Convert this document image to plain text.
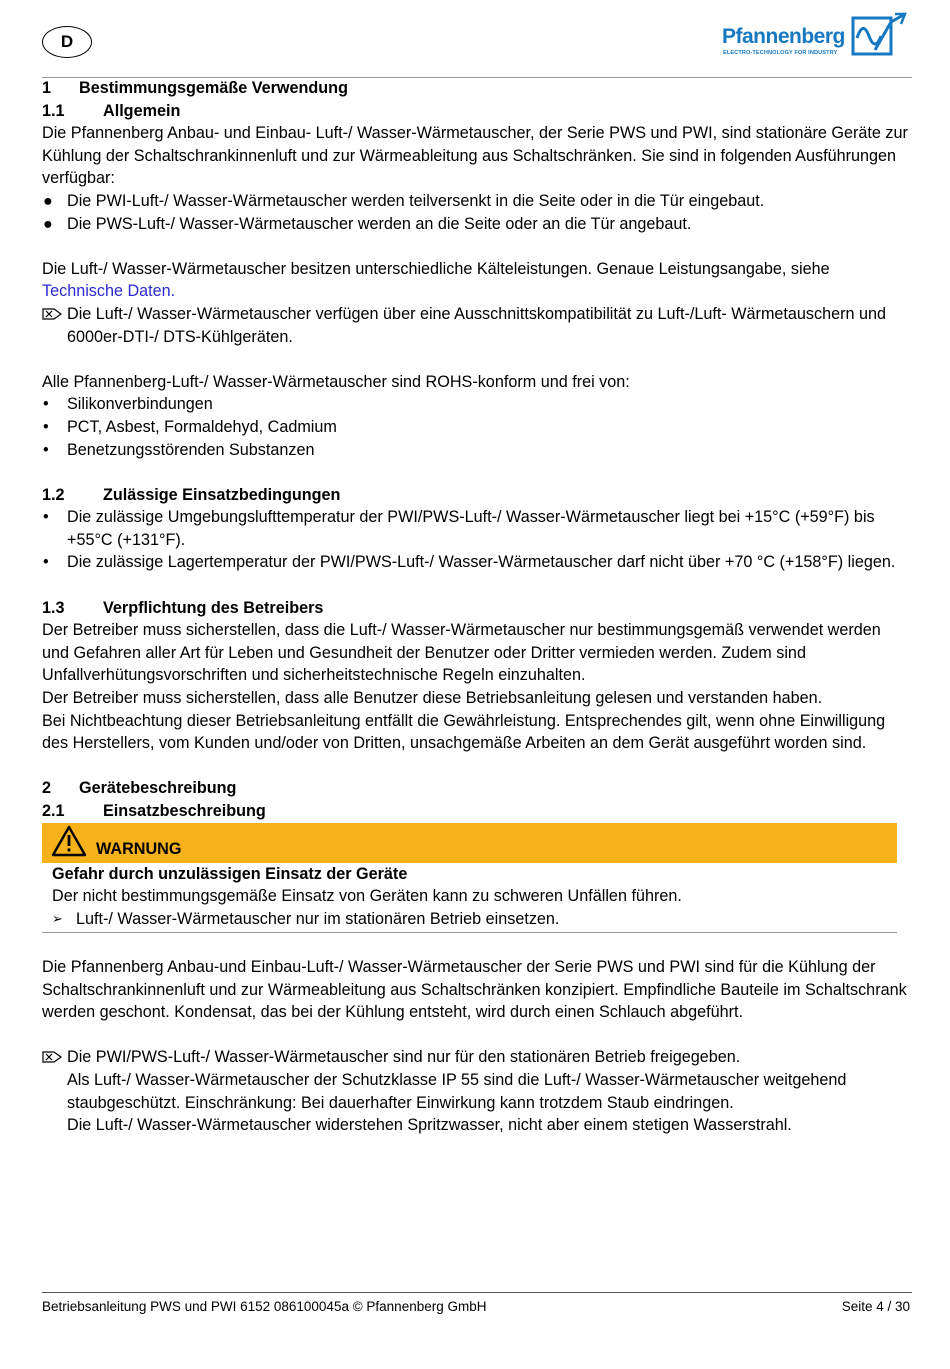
D	Pfannenberg
ELECTRO-TECHNOLOGY FOR INDUSTRY
1	Bestimmungsgemäße Verwendung
1.1	Allgemein

Die Pfannenberg Anbau- und Einbau- Luft-/ Wasser-Wärmetauscher, der Serie PWS und PWI, sind stationäre Geräte zur Kühlung der Schaltschrankinnenluft und zur Wärmeableitung aus Schaltschränken. Sie sind in folgenden Ausführungen verfügbar:

● Die PWI-Luft-/ Wasser-Wärmetauscher werden teilversenkt in die Seite oder in die Tür eingebaut.
● Die PWS-Luft-/ Wasser-Wärmetauscher werden an die Seite oder an die Tür angebaut.

Die Luft-/ Wasser-Wärmetauscher besitzen unterschiedliche Kälteleistungen. Genaue Leistungsangabe, siehe Technische Daten.

Die Luft-/ Wasser-Wärmetauscher verfügen über eine Ausschnittskompatibilität zu Luft-/Luft- Wärmetauschern und 6000er-DTI-/ DTS-Kühlgeräten.

Alle Pfannenberg-Luft-/ Wasser-Wärmetauscher sind ROHS-konform und frei von:

•	Silikonverbindungen
•	PCT, Asbest, Formaldehyd, Cadmium
•	Benetzungsstörenden Substanzen
1.2	Zulässige Einsatzbedingungen
•	Die zulässige Umgebungslufttemperatur der PWI/PWS-Luft-/ Wasser-Wärmetauscher liegt bei +15°C (+59°F) bis +55°C (+131°F).
•	Die zulässige Lagertemperatur der PWI/PWS-Luft-/ Wasser-Wärmetauscher darf nicht über +70 °C (+158°F) liegen.
1.3	Verpflichtung des Betreibers

Der Betreiber muss sicherstellen, dass die Luft-/ Wasser-Wärmetauscher nur bestimmungsgemäß verwendet werden und Gefahren aller Art für Leben und Gesundheit der Benutzer oder Dritter vermieden werden. Zudem sind Unfallverhütungsvorschriften und sicherheitstechnische Regeln einzuhalten.

Der Betreiber muss sicherstellen, dass alle Benutzer diese Betriebsanleitung gelesen und verstanden haben.

Bei Nichtbeachtung dieser Betriebsanleitung entfällt die Gewährleistung. Entsprechendes gilt, wenn ohne Einwilligung des Herstellers, vom Kunden und/oder von Dritten, unsachgemäße Arbeiten an dem Gerät ausgeführt worden sind.

2	Gerätebeschreibung
2.1	Einsatzbeschreibung
WARNUNG

Gefahr durch unzulässigen Einsatz der Geräte

Der nicht bestimmungsgemäße Einsatz von Geräten kann zu schweren Unfällen führen.

➢ Luft-/ Wasser-Wärmetauscher nur im stationären Betrieb einsetzen.

Die Pfannenberg Anbau-und Einbau-Luft-/ Wasser-Wärmetauscher der Serie PWS und PWI sind für die Kühlung der Schaltschrankinnenluft und zur Wärmeableitung aus Schaltschränken konzipiert. Empfindliche Bauteile im Schaltschrank werden geschont. Kondensat, das bei der Kühlung entsteht, wird durch einen Schlauch abgeführt.

Die PWI/PWS-Luft-/ Wasser-Wärmetauscher sind nur für den stationären Betrieb freigegeben.

Als Luft-/ Wasser-Wärmetauscher der Schutzklasse IP 55 sind die Luft-/ Wasser-Wärmetauscher weitgehend staubgeschützt. Einschränkung: Bei dauerhafter Einwirkung kann trotzdem Staub eindringen.

Die Luft-/ Wasser-Wärmetauscher widerstehen Spritzwasser, nicht aber einem stetigen Wasserstrahl.

Betriebsanleitung PWS und PWI 6152 086100045a © Pfannenberg GmbH	Seite 4 / 30
